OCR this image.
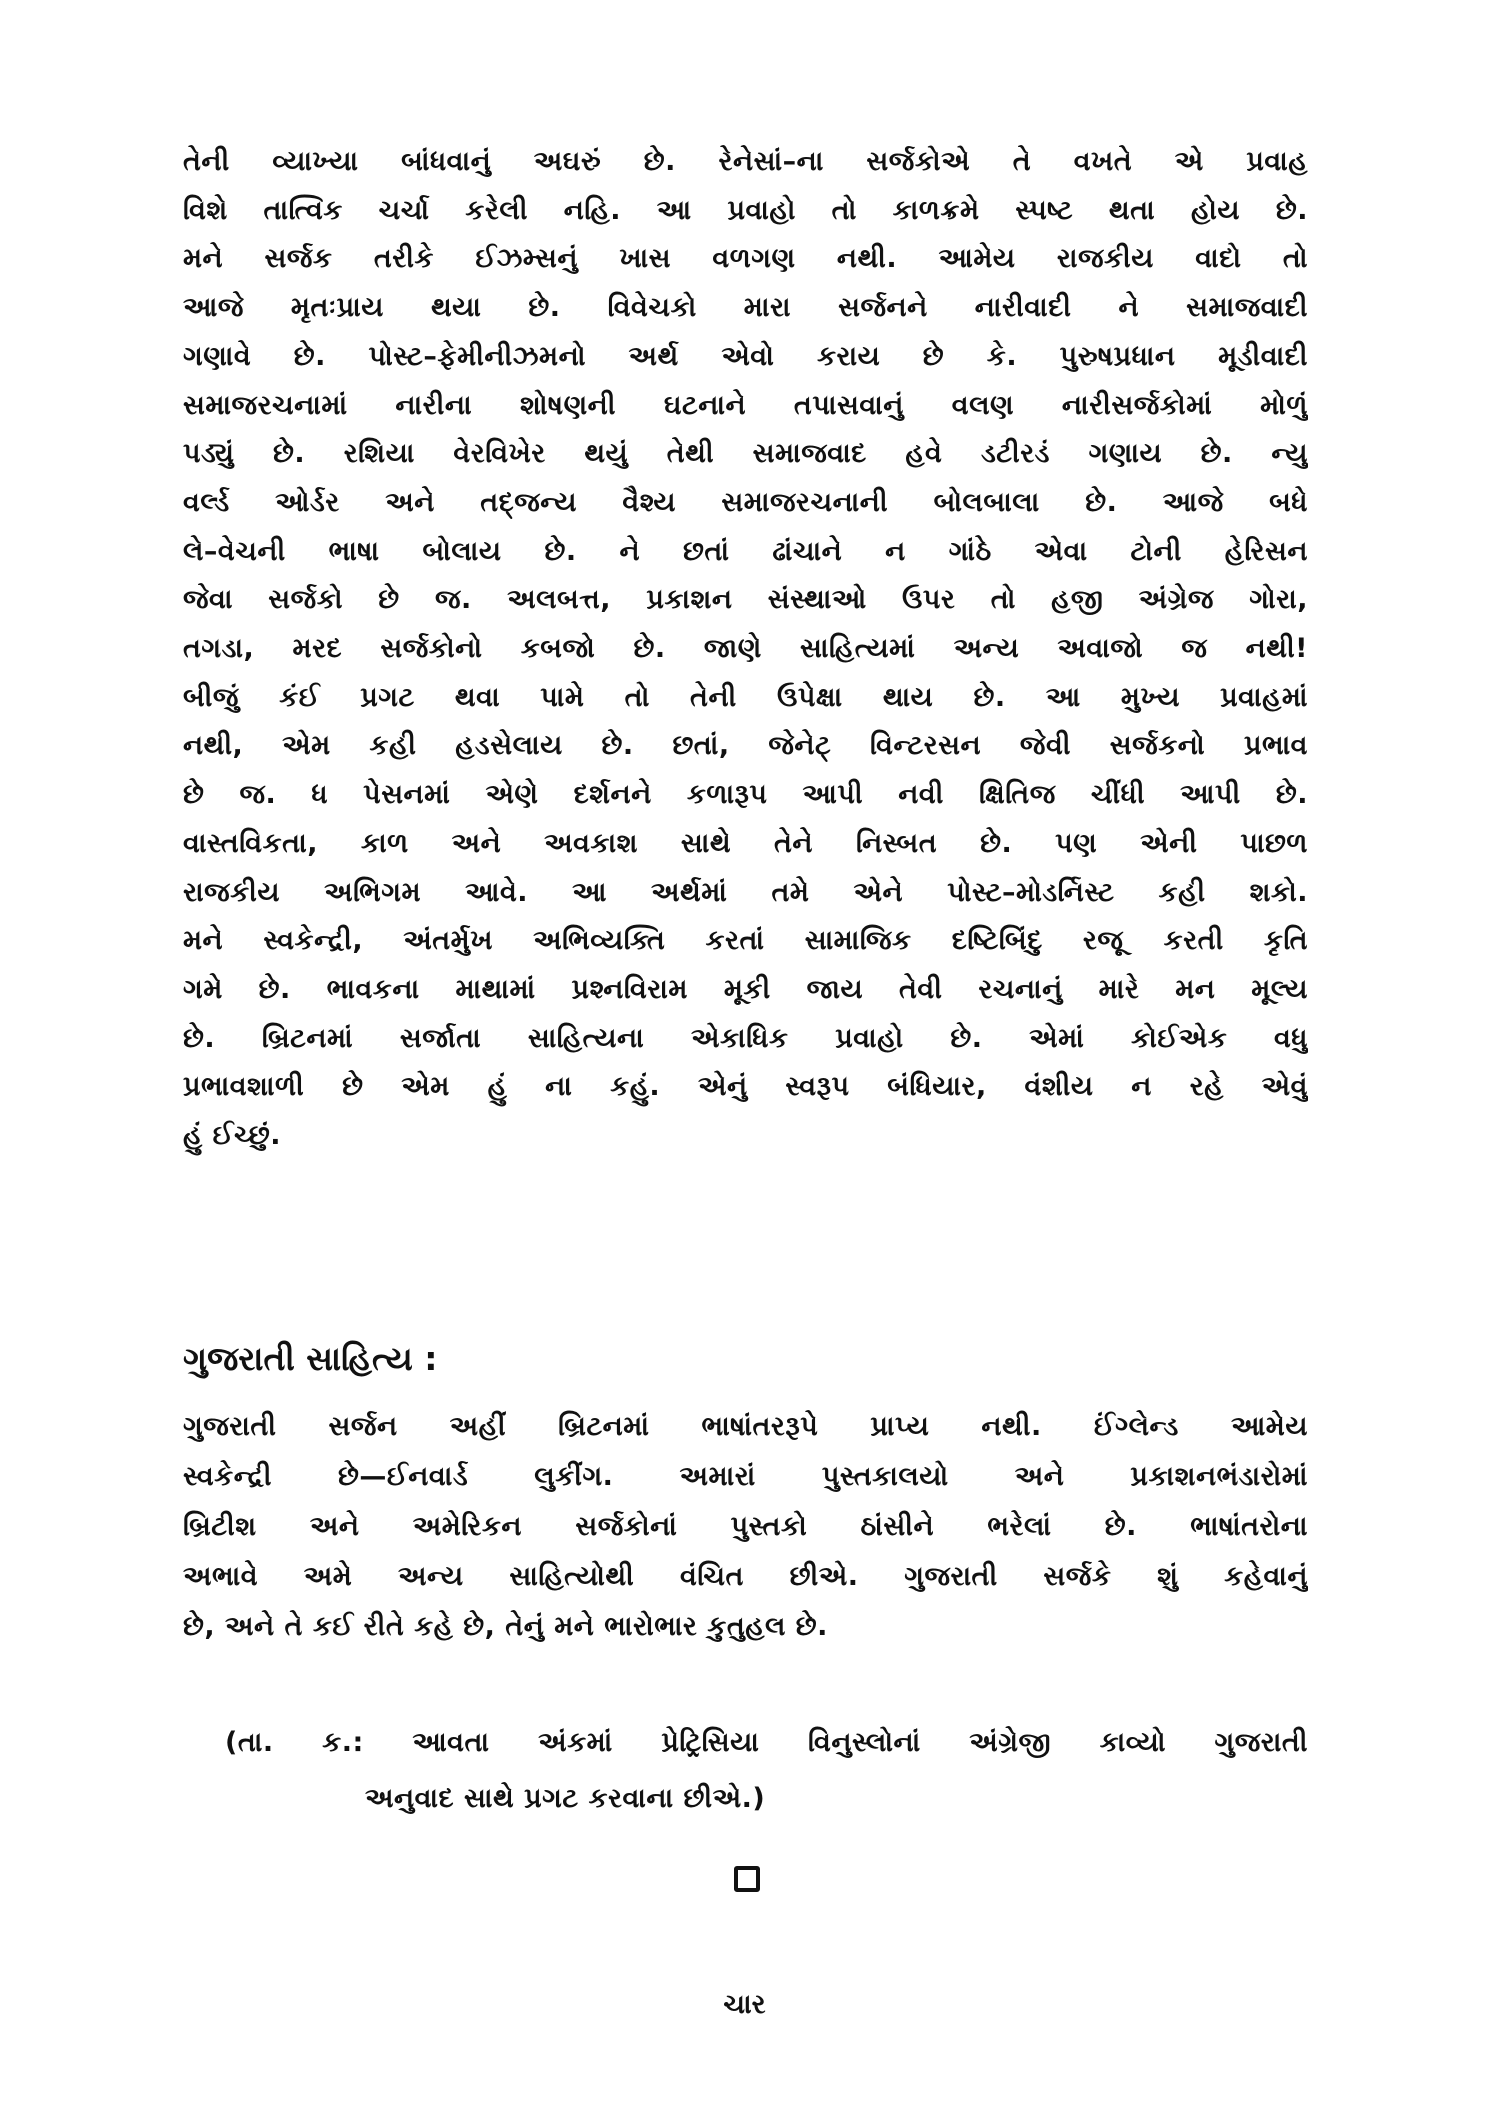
તેની વ્યાખ્યા બાંધવાનું અઘરું છે. રેનેસાં–ના સર્જકોએ તે વખતે એ પ્રવાહ
વિશે તાત્વિક ચર્ચા કરેલી નહિ. આ પ્રવાહો તો કાળક્રમે સ્પષ્ટ થતા હોય છે.
મને સર્જક તરીકે ઈઝમ્સનું ખાસ વળગણ નથી. આમેય રાજકીય વાદો તો
આજે મૃતઃપ્રાય થયા છે. વિવેચકો મારા સર્જનને નારીવાદી ને સમાજવાદી
ગણાવે છે. પોસ્ટ–ફેમીનીઝમનો અર્થ એવો કરાય છે કે. પુરુષપ્રધાન મૂડીવાદી
સમાજરચનામાં નારીના શોષણની ઘટનાને તપાસવાનું વલણ નારીસર્જકોમાં મોળું
પડ્યું છે. રશિયા વેરવિખેર થયું તેથી સમાજવાદ હવે ડટીરડં ગણાય છે. ન્યુ
વર્લ્ડ ઓર્ડર અને તદ્જન્ય વૈશ્ય સમાજરચનાની બોલબાલા છે. આજે બધે
લે–વેચની ભાષા બોલાય છે. ને છતાં ઢાંચાને ન ગાંઠે એવા ટોની હેરિસન
જેવા સર્જકો છે જ. અલબત્ત, પ્રકાશન સંસ્થાઓ ઉપર તો હજી અંગ્રેજ ગોરા,
તગડા, મરદ સર્જકોનો કબજો છે. જાણે સાહિત્યમાં અન્ય અવાજો જ નથી!
બીજું કંઈ પ્રગટ થવા પામે તો તેની ઉપેક્ષા થાય છે. આ મુખ્ય પ્રવાહમાં
નથી, એમ કહી હડસેલાય છે. છતાં, જેનેટ્ વિન્ટરસન જેવી સર્જકનો પ્રભાવ
છે જ. ધ પેસનમાં એણે દર્શનને કળારૂપ આપી નવી ક્ષિતિજ ચીંધી આપી છે.
વાસ્તવિકતા, કાળ અને અવકાશ સાથે તેને નિસ્બત છે. પણ એની પાછળ
રાજકીય અભિગમ આવે. આ અર્થમાં તમે એને પોસ્ટ–મોડર્નિસ્ટ કહી શકો.
મને સ્વકેન્દ્રી, અંતર્મુખ અભિવ્યક્તિ કરતાં સામાજિક દષ્ટિબિંદુ રજૂ કરતી કૃતિ
ગમે છે. ભાવકના માથામાં પ્રશ્નવિરામ મૂકી જાય તેવી રચનાનું મારે મન મૂલ્ય
છે. બ્રિટનમાં સર્જાતા સાહિત્યના એકાધિક પ્રવાહો છે. એમાં કોઈએક વધુ
પ્રભાવશાળી છે એમ હું ના કહું. એનું સ્વરૂપ બંધિયાર, વંશીય ન રહે એવું
હું ઈચ્છું.
ગુજરાતી સાહિત્ય :
ગુજરાતી સર્જન અહીં બ્રિટનમાં ભાષાંતરરૂપે પ્રાપ્ય નથી. ઈંગ્લેન્ડ આમેય
સ્વકેન્દ્રી છે—ઈનવાર્ડ લુકીંગ. અમારાં પુસ્તકાલયો અને પ્રકાશનભંડારોમાં
બ્રિટીશ અને અમેરિકન સર્જકોનાં પુસ્તકો ઠાંસીને ભરેલાં છે. ભાષાંતરોના
અભાવે અમે અન્ય સાહિત્યોથી વંચિત છીએ. ગુજરાતી સર્જકે શું કહેવાનું
છે, અને તે કઈ રીતે કહે છે, તેનું મને ભારોભાર કુતુહલ છે.
(તા. ક.: આવતા અંકમાં પ્રેટ્રિસિયા વિનુસ્લોનાં અંગ્રેજી કાવ્યો ગુજરાતી
અનુવાદ સાથે પ્રગટ કરવાના છીએ.)
ચાર
